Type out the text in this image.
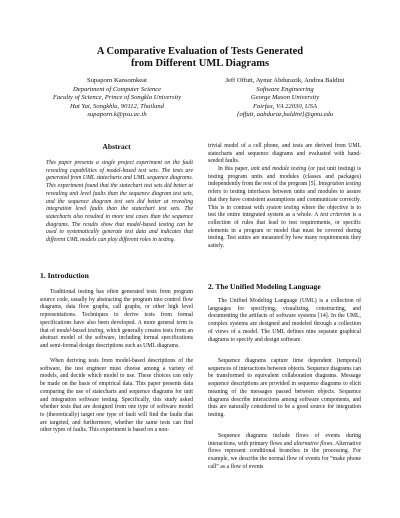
A Comparative Evaluation of Tests Generated
from Different UML Diagrams
Supaporn Kansomkeat
Department of Computer Science
Faculty of Science, Prince of Songkla University
Hat Yai, Songkhla, 90112, Thailand
supaporn.k@psu.ac.th
Jeff Offutt, Aynur Abdurazik, Andrea Baldini
Software Engineering
George Mason University
Fairfax, VA 22030, USA
{offutt, aabduraz,baldini}@gmu.edu
Abstract
This paper presents a single project experiment on the fault revealing capabilities of model-based test sets. The tests are generated from UML statecharts and UML sequence diagrams. This experiment found that the statechart test sets did better at revealing unit level faults than the sequence diagram test sets, and the sequence diagram test sets did better at revealing integration level faults than the statechart test sets. The statecharts also resulted in more test cases than the sequence diagrams. The results show that model-based testing can be used to systematically generate test data and indicates that different UML models can play different roles in testing.
1. Introduction
Traditional testing has often generated tests from program source code, usually by abstracting the program into control flow diagrams, data flow graphs, call graphs, or other high level representations. Techniques to derive tests from formal specifications have also been developed. A more general term is that of model-based testing, which generally creates tests from an abstract model of the software, including formal specifications and semi-formal design descriptions such as UML diagrams.
When deriving tests from model-based descriptions of the software, the test engineer must choose among a variety of models, and decide which model to use. These choices can only be made on the basis of empirical data. This paper presents data comparing the use of statecharts and sequence diagrams for unit and integration software testing. Specifically, this study asked whether tests that are designed from one type of software model to (theoretically) target one type of fault will find the faults that are targeted, and furthermore, whether the same tests can find other types of faults. This experiment is based on a non-
trivial model of a cell phone, and tests are derived from UML statecharts and sequence diagrams and evaluated with hand-seeded faults.
In this paper, unit and module testing (or just unit testing) is testing program units and modules (classes and packages) independently from the rest of the program [5]. Integration testing refers to testing interfaces between units and modules to assure that they have consistent assumptions and communicate correctly. This is in contrast with system testing where the objective is to test the entire integrated system as a whole. A test criterion is a collection of rules that lead to test requirements, or specific elements in a program or model that must be covered during testing. Test suites are measured by how many requirements they satisfy.
2. The Unified Modeling Language
The Unified Modeling Language (UML) is a collection of languages for specifying, visualizing, constructing, and documenting the artifacts of software systems [14]. In the UML, complex systems are designed and modeled through a collection of views of a model. The UML defines nine separate graphical diagrams to specify and design software.
Sequence diagrams capture time dependent (temporal) sequences of interactions between objects. Sequence diagrams can be transformed to equivalent collaboration diagrams. Message sequence descriptions are provided in sequence diagrams to elicit meaning of the messages passed between objects. Sequence diagrams describe interactions among software components, and thus are naturally considered to be a good source for integration testing.
Sequence diagrams include flows of events during interactions, with primary flows and alternative flows. Alternative flows represent conditional branches in the processing. For example, we describe the normal flow of events for “make phone call” as a flow of events
